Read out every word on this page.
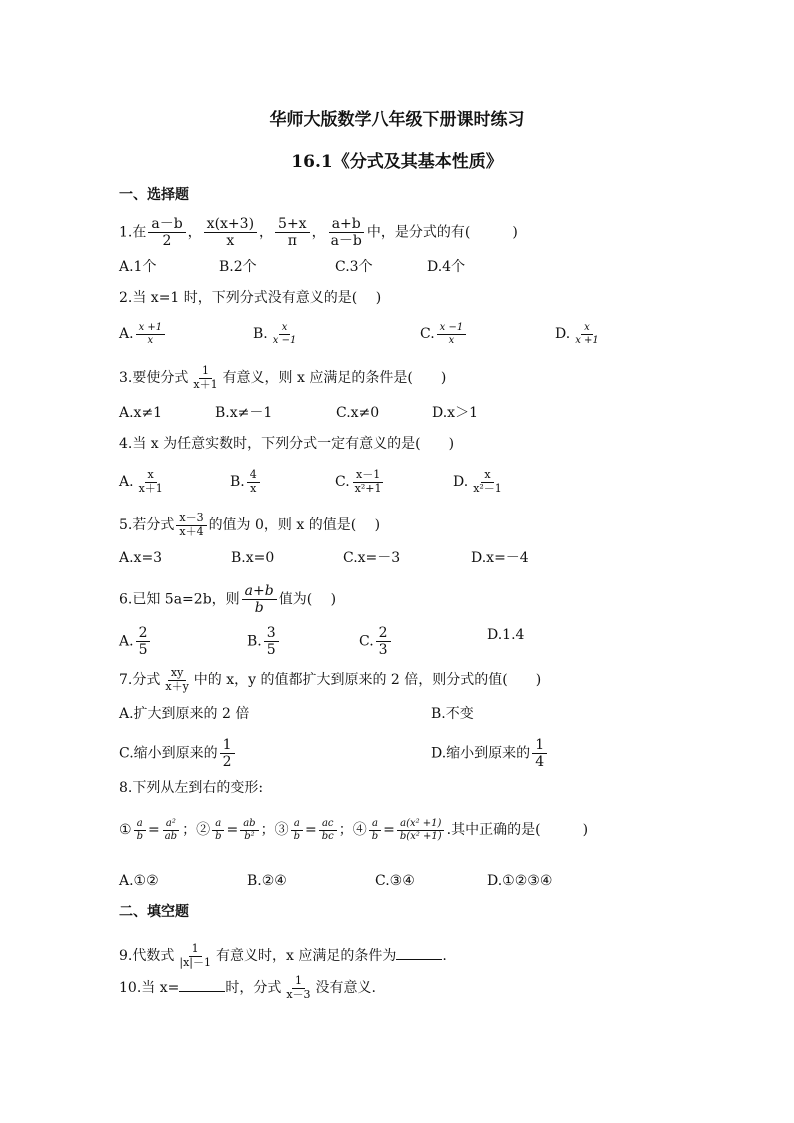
华师大版数学八年级下册课时练习
16.1《分式及其基本性质》
一、选择题
1.在 $\frac{a-b}{2}$ ， $\frac{x(x+3)}{x}$ ， $\frac{5+x}{\pi}$ ， $\frac{a+b}{a-b}$ 中，是分式的有(　　　)
A.1个	B.2个	C.3个	D.4个
2.当 x=1 时，下列分式没有意义的是(　 )
A. $\frac{x +1}{x}$	B. $\frac{x}{x -1}$	C. $\frac{x -1}{x}$	D. $\frac{x}{x +1}$
3.要使分式 $\frac{1}{x+1}$ 有意义，则 x 应满足的条件是(　　)
A.x≠1	B.x≠－1	C.x≠0	D.x＞1
4.当 x 为任意实数时，下列分式一定有意义的是(　　)
A. $\frac{x}{x+1}$	B. $\frac{4}{x}$	C. $\frac{x-1}{\text{x²+1}}$	D. $\frac{x}{\text{x²－1}}$
5.若分式 $\frac{x-3}{x+4}$ 的值为 0，则 x 的值是(　 )
A.x=3	B.x=0	C.x=－3	D.x=－4
6.已知 5a=2b，则 $\frac{a+b}{b}$ 值为(　 )
A. $\frac{2}{5}$	B. $\frac{3}{5}$	C. $\frac{2}{3}$	D.1.4
7.分式 $\frac{xy}{x+y}$ 中的 x，y 的值都扩大到原来的 2 倍，则分式的值(　　)
A.扩大到原来的 2 倍	B.不变
C.缩小到原来的 $\frac{1}{2}$	D.缩小到原来的 $\frac{1}{4}$
8.下列从左到右的变形:
① $\frac{a}{b} = \frac{\text{a²}}{ab}$ ；② $\frac{a}{b} = \frac{ab}{\text{b²}}$ ；③ $\frac{a}{b} = \frac{ac}{bc}$ ；④ $\frac{a}{b} = \frac{\text{a(x² +1)}}{\text{b(x² +1)}}$ .其中正确的是(　　　)
A.①②	B.②④	C.③④	D.①②③④
二、填空题
9.代数式 $\frac{1}{|x|-1}$ 有意义时，x 应满足的条件为	.
10.当 x=	时，分式 $\frac{1}{x-3}$ 没有意义.
